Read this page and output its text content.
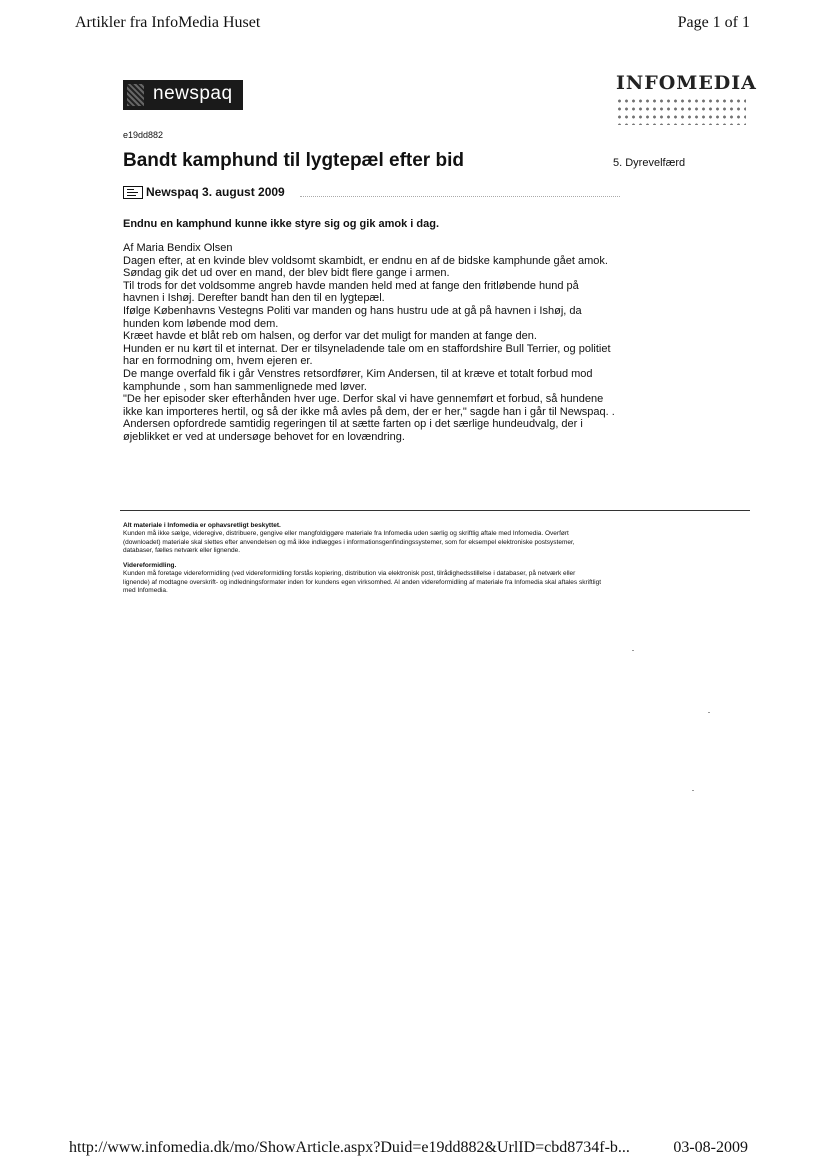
Artikler fra InfoMedia Huset	Page 1 of 1
newspaq	INFOMEDIA
e19dd882
Bandt kamphund til lygtepæl efter bid	5. Dyrevelfærd
Newspaq 3. august 2009
Endnu en kamphund kunne ikke styre sig og gik amok i dag.

Af Maria Bendix Olsen

Dagen efter, at en kvinde blev voldsomt skambidt, er endnu en af de bidske kamphunde gået amok.

Søndag gik det ud over en mand, der blev bidt flere gange i armen.

Til trods for det voldsomme angreb havde manden held med at fange den fritløbende hund på havnen i Ishøj. Derefter bandt han den til en lygtepæl.

Ifølge Københavns Vestegns Politi var manden og hans hustru ude at gå på havnen i Ishøj, da hunden kom løbende mod dem.

Kræet havde et blåt reb om halsen, og derfor var det muligt for manden at fange den.

Hunden er nu kørt til et internat. Der er tilsyneladende tale om en staffordshire Bull Terrier, og politiet har en formodning om, hvem ejeren er.

De mange overfald fik i går Venstres retsordfører, Kim Andersen, til at kræve et totalt forbud mod kamphunde , som han sammenlignede med løver.

"De her episoder sker efterhånden hver uge. Derfor skal vi have gennemført et forbud, så hundene ikke kan importeres hertil, og så der ikke må avles på dem, der er her," sagde han i går til Newspaq. .

Andersen opfordrede samtidig regeringen til at sætte farten op i det særlige hundeudvalg, der i øjeblikket er ved at undersøge behovet for en lovændring.

Alt materiale i Infomedia er ophavsretligt beskyttet.

Kunden må ikke sælge, videregive, distribuere, gengive eller mangfoldiggøre materiale fra Infomedia uden særlig og skriftlig aftale med Infomedia. Overført (downloadet) materiale skal slettes efter anvendelsen og må ikke indlægges i informationsgenfindingssystemer, som for eksempel elektroniske postsystemer, databaser, fælles netværk eller lignende.

Videreformidling.

Kunden må foretage videreformidling (ved videreformidling forstås kopiering, distribution via elektronisk post, tilrådighedsstillelse i databaser, på netværk eller lignende) af modtagne overskrift- og indledningsformater inden for kundens egen virksomhed. Al anden videreformidling af materiale fra Infomedia skal aftales skriftligt med Infomedia.

http://www.infomedia.dk/mo/ShowArticle.aspx?Duid=e19dd882&UrlID=cbd8734f-b...	03-08-2009
